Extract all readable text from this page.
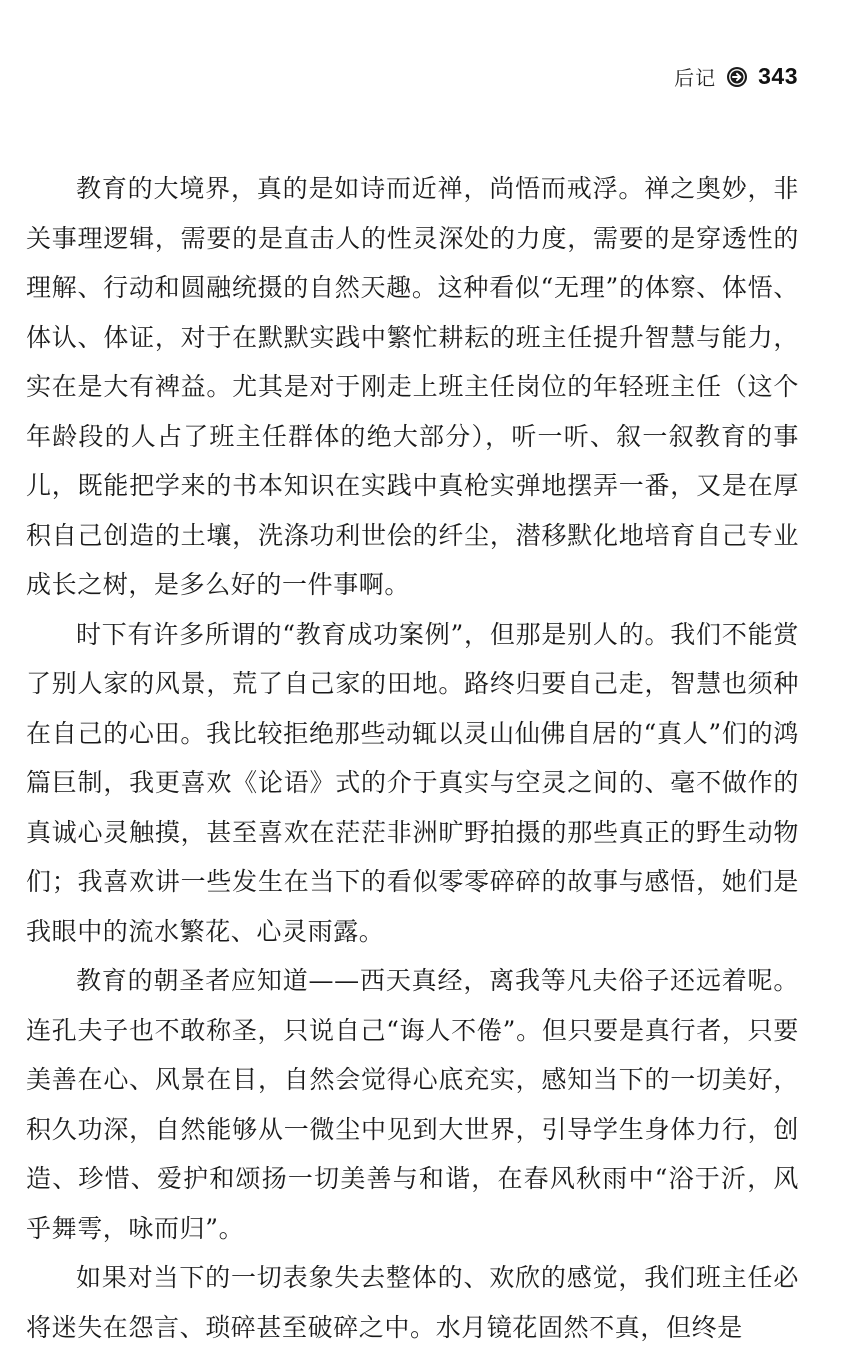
后记 343

教育的大境界，真的是如诗而近禅，尚悟而戒浮。禅之奥妙，非关事理逻辑，需要的是直击人的性灵深处的力度，需要的是穿透性的理解、行动和圆融统摄的自然天趣。这种看似“无理”的体察、体悟、体认、体证，对于在默默实践中繁忙耕耘的班主任提升智慧与能力，实在是大有裨益。尤其是对于刚走上班主任岗位的年轻班主任（这个年龄段的人占了班主任群体的绝大部分），听一听、叙一叙教育的事儿，既能把学来的书本知识在实践中真枪实弹地摆弄一番，又是在厚积自己创造的土壤，洗涤功利世侩的纤尘，潜移默化地培育自己专业成长之树，是多么好的一件事啊。

时下有许多所谓的“教育成功案例”，但那是别人的。我们不能赏了别人家的风景，荒了自己家的田地。路终归要自己走，智慧也须种在自己的心田。我比较拒绝那些动辄以灵山仙佛自居的“真人”们的鸿篇巨制，我更喜欢《论语》式的介于真实与空灵之间的、毫不做作的真诚心灵触摸，甚至喜欢在茫茫非洲旷野拍摄的那些真正的野生动物们；我喜欢讲一些发生在当下的看似零零碎碎的故事与感悟，她们是我眼中的流水繁花、心灵雨露。

教育的朝圣者应知道——西天真经，离我等凡夫俗子还远着呢。连孔夫子也不敢称圣，只说自己“诲人不倦”。但只要是真行者，只要美善在心、风景在目，自然会觉得心底充实，感知当下的一切美好，积久功深，自然能够从一微尘中见到大世界，引导学生身体力行，创造、珍惜、爱护和颂扬一切美善与和谐，在春风秋雨中“浴于沂，风乎舞雩，咏而归”。

如果对当下的一切表象失去整体的、欢欣的感觉，我们班主任必将迷失在怨言、琐碎甚至破碎之中。水月镜花固然不真，但终是
